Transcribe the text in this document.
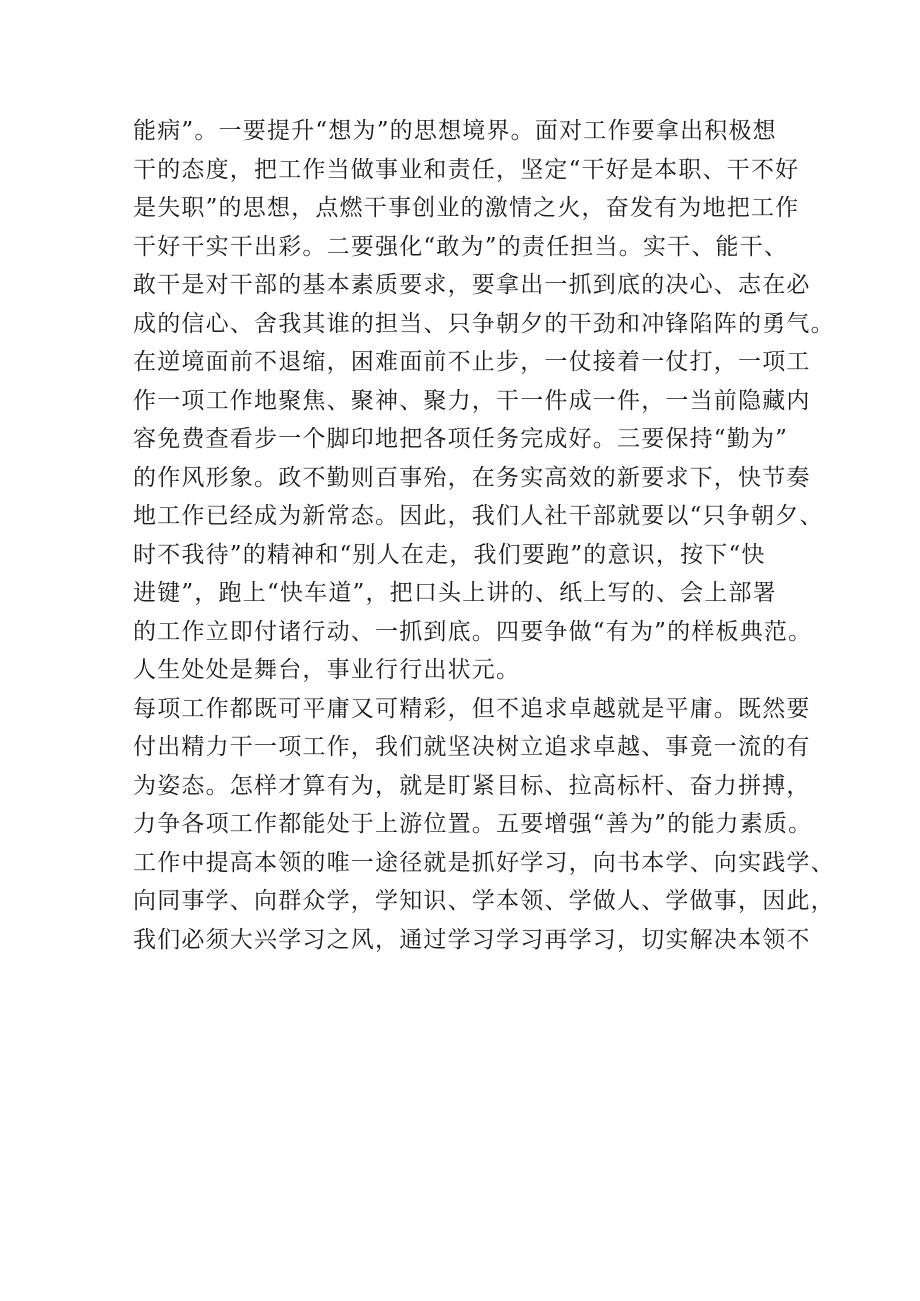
能病”。一要提升“想为”的思想境界。面对工作要拿出积极想
干的态度，把工作当做事业和责任，坚定“干好是本职、干不好
是失职”的思想，点燃干事创业的激情之火，奋发有为地把工作
干好干实干出彩。二要强化“敢为”的责任担当。实干、能干、
敢干是对干部的基本素质要求，要拿出一抓到底的决心、志在必
成的信心、舍我其谁的担当、只争朝夕的干劲和冲锋陷阵的勇气。
在逆境面前不退缩，困难面前不止步，一仗接着一仗打，一项工
作一项工作地聚焦、聚神、聚力，干一件成一件，一当前隐藏内
容免费查看步一个脚印地把各项任务完成好。三要保持“勤为”
的作风形象。政不勤则百事殆，在务实高效的新要求下，快节奏
地工作已经成为新常态。因此，我们人社干部就要以“只争朝夕、
时不我待”的精神和“别人在走，我们要跑”的意识，按下“快
进键”，跑上“快车道”，把口头上讲的、纸上写的、会上部署
的工作立即付诸行动、一抓到底。四要争做“有为”的样板典范。
人生处处是舞台，事业行行出状元。
每项工作都既可平庸又可精彩，但不追求卓越就是平庸。既然要
付出精力干一项工作，我们就坚决树立追求卓越、事竟一流的有
为姿态。怎样才算有为，就是盯紧目标、拉高标杆、奋力拼搏，
力争各项工作都能处于上游位置。五要增强“善为”的能力素质。
工作中提高本领的唯一途径就是抓好学习，向书本学、向实践学、
向同事学、向群众学，学知识、学本领、学做人、学做事，因此，
我们必须大兴学习之风，通过学习学习再学习，切实解决本领不
